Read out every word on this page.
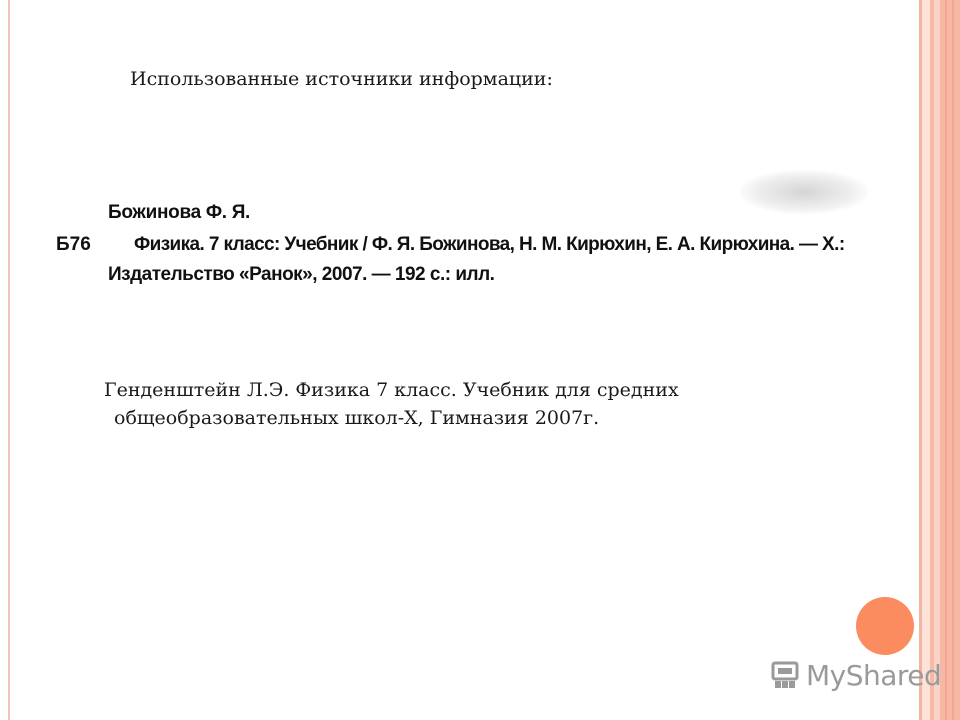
Использованные источники информации:
Божинова Ф. Я.
Б76 Физика. 7 класс: Учебник / Ф. Я. Божинова, Н. М. Кирюхин, Е. А. Кирюхина. — Х.:
Издательство «Ранок», 2007. — 192 с.: илл.
Генденштейн Л.Э. Физика 7 класс. Учебник для средних
общеобразовательных школ-Х, Гимназия 2007г.
MyShared
